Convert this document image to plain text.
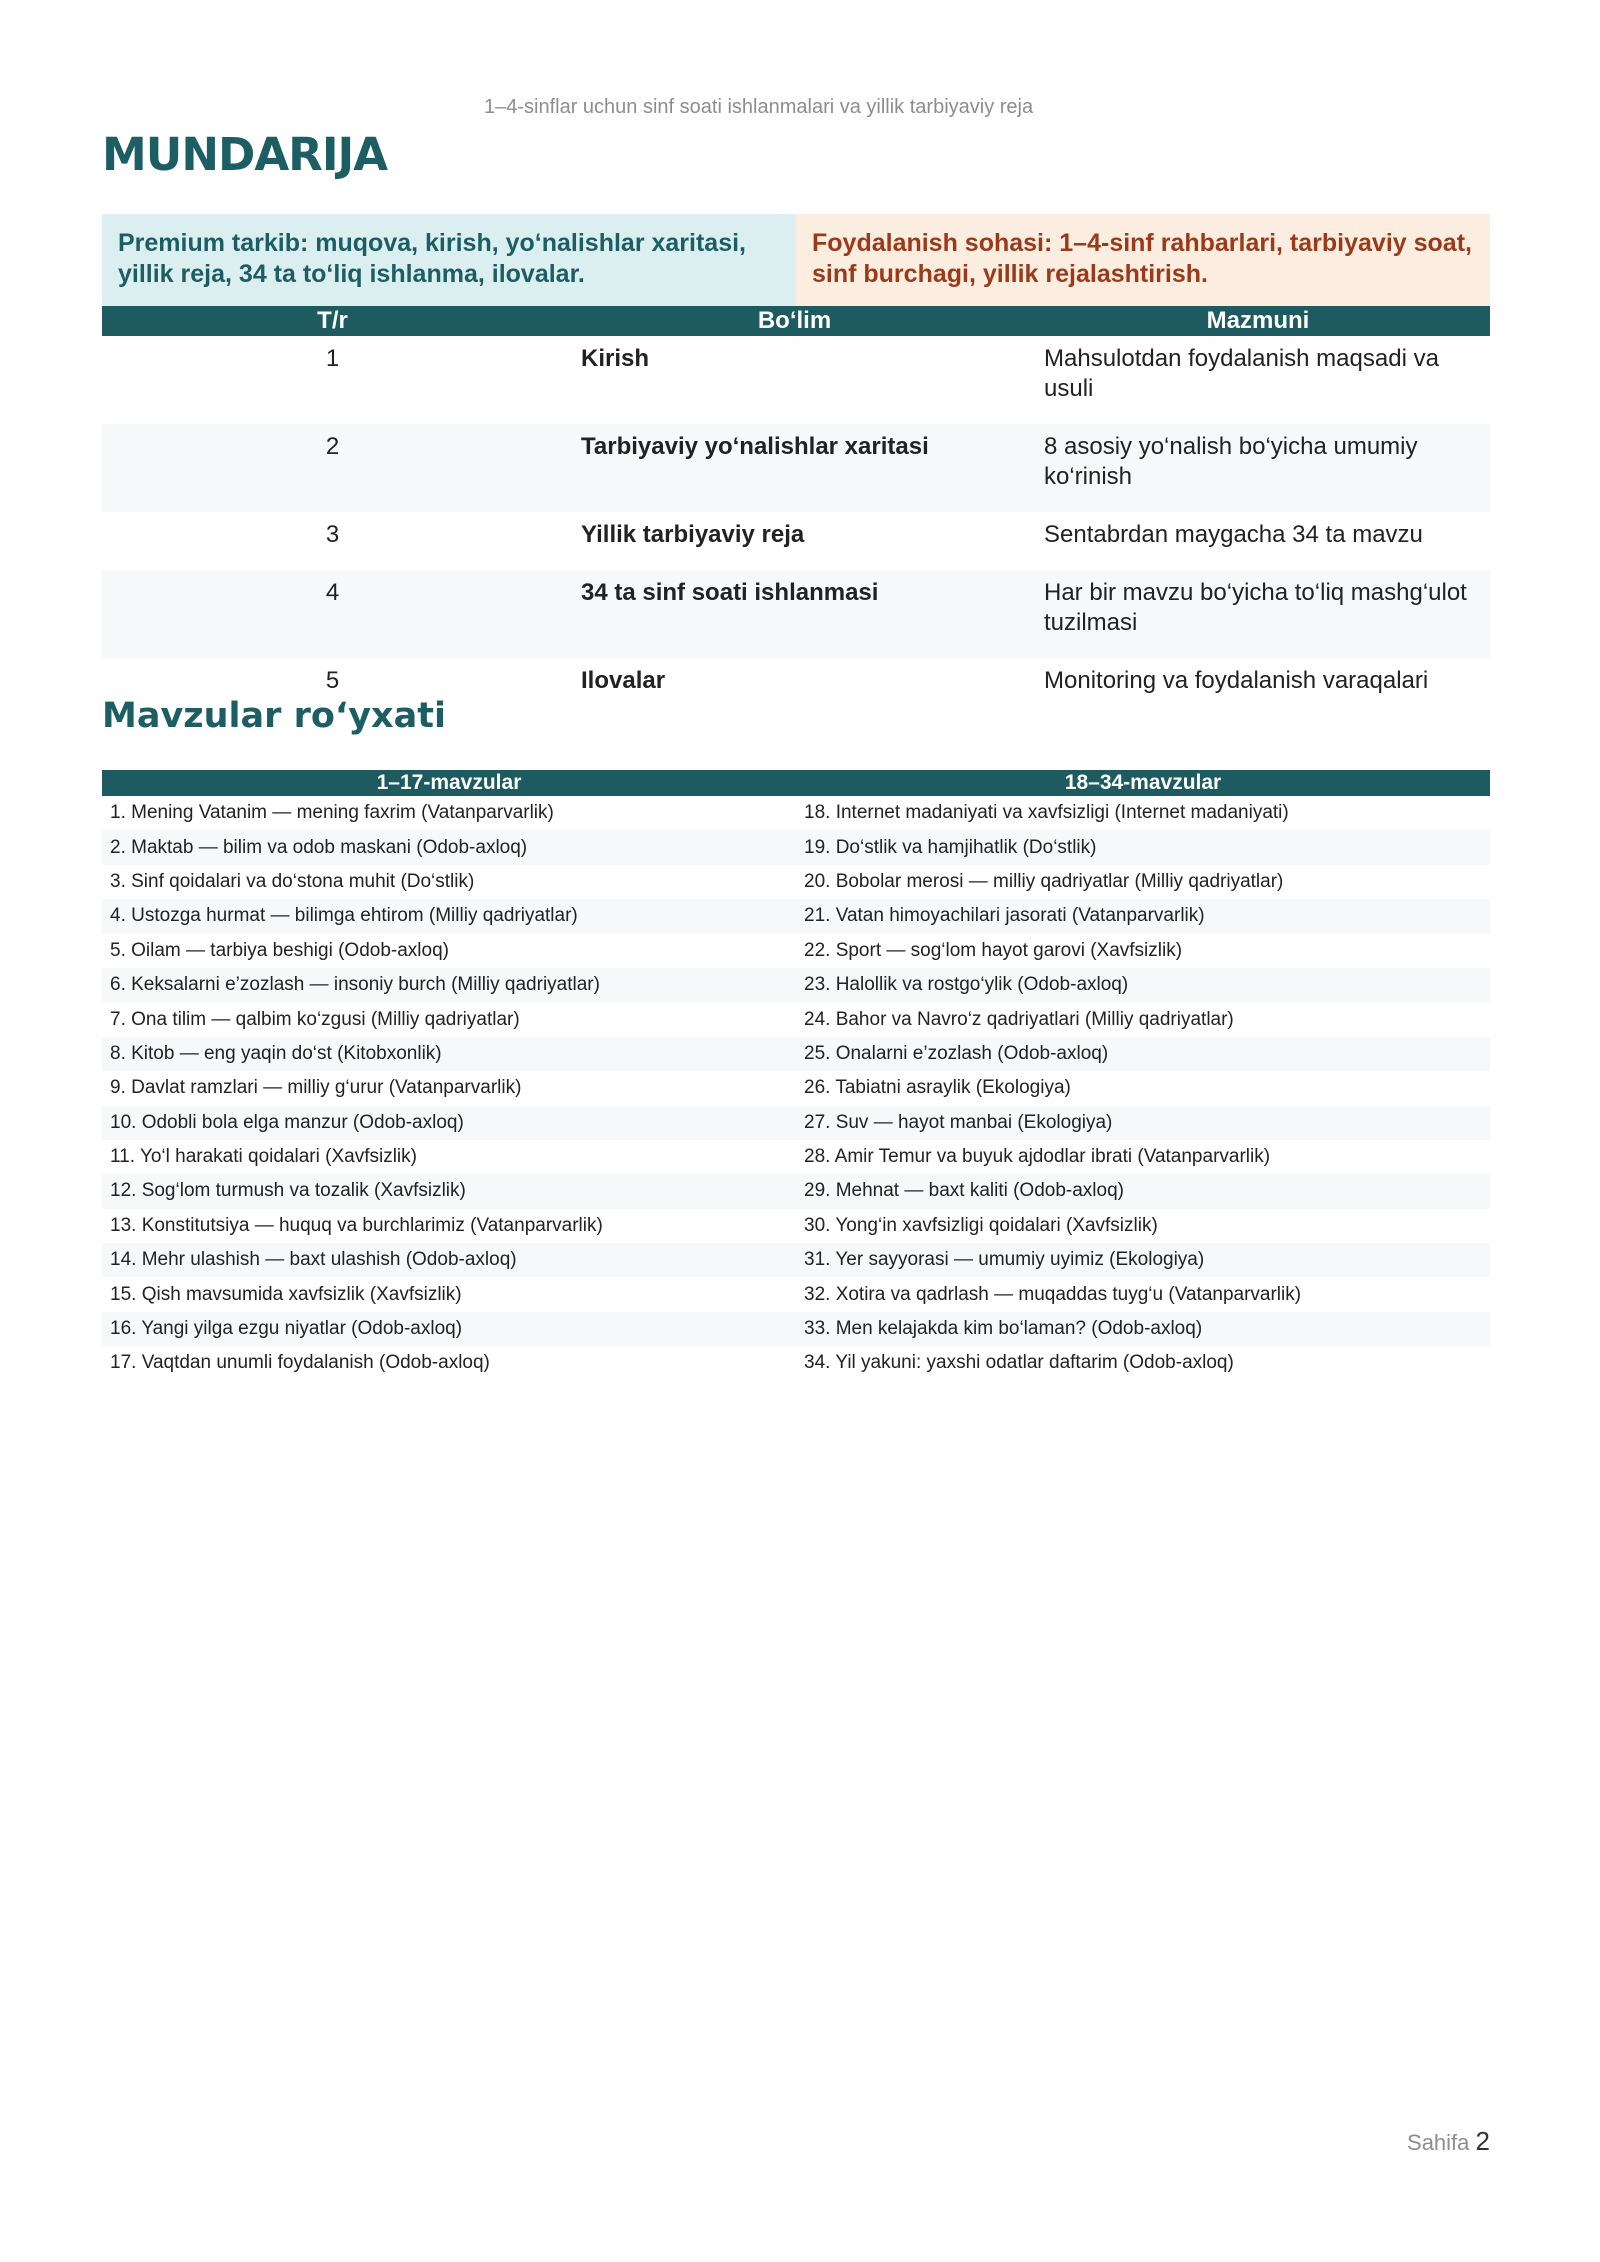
1–4-sinflar uchun sinf soati ishlanmalari va yillik tarbiyaviy reja
MUNDARIJA
Premium tarkib: muqova, kirish, yo‘nalishlar xaritasi, yillik reja, 34 ta to‘liq ishlanma, ilovalar.
Foydalanish sohasi: 1–4-sinf rahbarlari, tarbiyaviy soat, sinf burchagi, yillik rejalashtirish.
T/r	Bo‘lim	Mazmuni
1	Kirish	Mahsulotdan foydalanish maqsadi va usuli
2	Tarbiyaviy yo‘nalishlar xaritasi	8 asosiy yo‘nalish bo‘yicha umumiy ko‘rinish
3	Yillik tarbiyaviy reja	Sentabrdan maygacha 34 ta mavzu
4	34 ta sinf soati ishlanmasi	Har bir mavzu bo‘yicha to‘liq mashg‘ulot tuzilmasi
5	Ilovalar	Monitoring va foydalanish varaqalari
Mavzular ro‘yxati
1–17-mavzular	18–34-mavzular
1. Mening Vatanim — mening faxrim (Vatanparvarlik)	18. Internet madaniyati va xavfsizligi (Internet madaniyati)
2. Maktab — bilim va odob maskani (Odob-axloq)	19. Do‘stlik va hamjihatlik (Do‘stlik)
3. Sinf qoidalari va do‘stona muhit (Do‘stlik)	20. Bobolar merosi — milliy qadriyatlar (Milliy qadriyatlar)
4. Ustozga hurmat — bilimga ehtirom (Milliy qadriyatlar)	21. Vatan himoyachilari jasorati (Vatanparvarlik)
5. Oilam — tarbiya beshigi (Odob-axloq)	22. Sport — sog‘lom hayot garovi (Xavfsizlik)
6. Keksalarni e’zozlash — insoniy burch (Milliy qadriyatlar)	23. Halollik va rostgo‘ylik (Odob-axloq)
7. Ona tilim — qalbim ko‘zgusi (Milliy qadriyatlar)	24. Bahor va Navro‘z qadriyatlari (Milliy qadriyatlar)
8. Kitob — eng yaqin do‘st (Kitobxonlik)	25. Onalarni e’zozlash (Odob-axloq)
9. Davlat ramzlari — milliy g‘urur (Vatanparvarlik)	26. Tabiatni asraylik (Ekologiya)
10. Odobli bola elga manzur (Odob-axloq)	27. Suv — hayot manbai (Ekologiya)
11. Yo‘l harakati qoidalari (Xavfsizlik)	28. Amir Temur va buyuk ajdodlar ibrati (Vatanparvarlik)
12. Sog‘lom turmush va tozalik (Xavfsizlik)	29. Mehnat — baxt kaliti (Odob-axloq)
13. Konstitutsiya — huquq va burchlarimiz (Vatanparvarlik)	30. Yong‘in xavfsizligi qoidalari (Xavfsizlik)
14. Mehr ulashish — baxt ulashish (Odob-axloq)	31. Yer sayyorasi — umumiy uyimiz (Ekologiya)
15. Qish mavsumida xavfsizlik (Xavfsizlik)	32. Xotira va qadrlash — muqaddas tuyg‘u (Vatanparvarlik)
16. Yangi yilga ezgu niyatlar (Odob-axloq)	33. Men kelajakda kim bo‘laman? (Odob-axloq)
17. Vaqtdan unumli foydalanish (Odob-axloq)	34. Yil yakuni: yaxshi odatlar daftarim (Odob-axloq)
Sahifa 2
